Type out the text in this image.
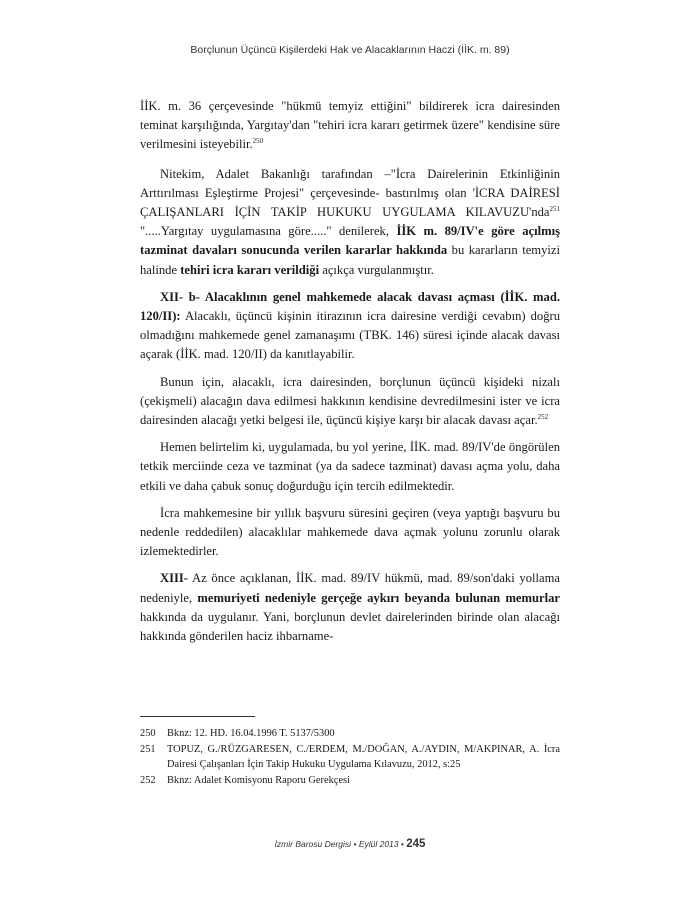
Borçlunun Üçüncü Kişilerdeki Hak ve Alacaklarının Haczi (İİK. m. 89)

İİK. m. 36 çerçevesinde "hükmü temyiz ettiğini" bildirerek icra dairesinden teminat karşılığında, Yargıtay'dan "tehiri icra kararı getirmek üzere" kendisine süre verilmesini isteyebilir.$^{250}$

Nitekim, Adalet Bakanlığı tarafından –"İcra Dairelerinin Etkinliğinin Arttırılması Eşleştirme Projesi" çerçevesinde- bastırılmış olan 'İCRA DAİRESİ ÇALIŞANLARI İÇİN TAKİP HUKUKU UYGULAMA KILAVUZU'nda$^{251}$ ".....Yargıtay uygulamasına göre....." denilerek, İİK m. 89/IV'e göre açılmış tazminat davaları sonucunda verilen kararlar hakkında bu kararların temyizi halinde tehiri icra kararı verildiği açıkça vurgulanmıştır.

XII- b- Alacaklının genel mahkemede alacak davası açması (İİK. mad. 120/II): Alacaklı, üçüncü kişinin itirazının icra dairesine verdiği cevabın) doğru olmadığını mahkemede genel zamanaşımı (TBK. 146) süresi içinde alacak davası açarak (İİK. mad. 120/II) da kanıtlayabilir.

Bunun için, alacaklı, icra dairesinden, borçlunun üçüncü kişideki nizalı (çekişmeli) alacağın dava edilmesi hakkının kendisine devredilmesini ister ve icra dairesinden alacağı yetki belgesi ile, üçüncü kişiye karşı bir alacak davası açar.$^{252}$

Hemen belirtelim ki, uygulamada, bu yol yerine, İİK. mad. 89/IV'de öngörülen tetkik merciinde ceza ve tazminat (ya da sadece tazminat) davası açma yolu, daha etkili ve daha çabuk sonuç doğurduğu için tercih edilmektedir.

İcra mahkemesine bir yıllık başvuru süresini geçiren (veya yaptığı başvuru bu nedenle reddedilen) alacaklılar mahkemede dava açmak yolunu zorunlu olarak izlemektedirler.

XIII- Az önce açıklanan, İİK. mad. 89/IV hükmü, mad. 89/son'daki yollama nedeniyle, memuriyeti nedeniyle gerçeğe aykırı beyanda bulunan memurlar hakkında da uygulanır. Yani, borçlunun devlet dairelerinden birinde olan alacağı hakkında gönderilen haciz ihbarname-

250 Bknz: 12. HD. 16.04.1996 T. 5137/5300
251 TOPUZ, G./RÜZGARESEN, C./ERDEM, M./DOĞAN, A./AYDIN, M/AKPINAR, A. İcra Dairesi Çalışanları İçin Takip Hukuku Uygulama Kılavuzu, 2012, s:25
252 Bknz: Adalet Komisyonu Raporu Gerekçesi
İzmir Barosu Dergisi • Eylül 2013 • 245
